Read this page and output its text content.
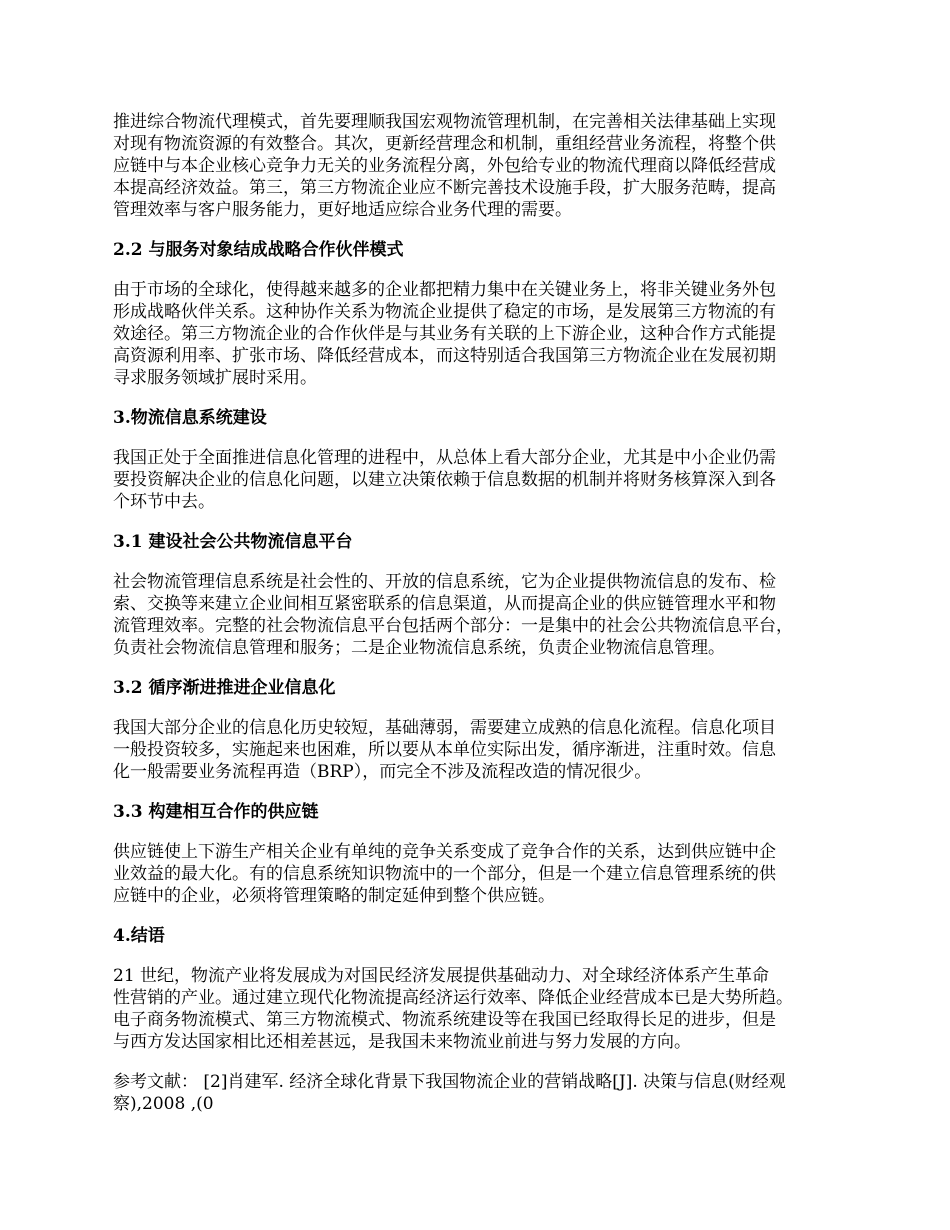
推进综合物流代理模式，首先要理顺我国宏观物流管理机制，在完善相关法律基础上实现
对现有物流资源的有效整合。其次，更新经营理念和机制，重组经营业务流程，将整个供
应链中与本企业核心竞争力无关的业务流程分离，外包给专业的物流代理商以降低经营成
本提高经济效益。第三，第三方物流企业应不断完善技术设施手段，扩大服务范畴，提高
管理效率与客户服务能力，更好地适应综合业务代理的需要。

2.2 与服务对象结成战略合作伙伴模式

由于市场的全球化，使得越来越多的企业都把精力集中在关键业务上，将非关键业务外包
形成战略伙伴关系。这种协作关系为物流企业提供了稳定的市场，是发展第三方物流的有
效途径。第三方物流企业的合作伙伴是与其业务有关联的上下游企业，这种合作方式能提
高资源利用率、扩张市场、降低经营成本，而这特别适合我国第三方物流企业在发展初期
寻求服务领域扩展时采用。

3.物流信息系统建设

我国正处于全面推进信息化管理的进程中，从总体上看大部分企业，尤其是中小企业仍需
要投资解决企业的信息化问题，以建立决策依赖于信息数据的机制并将财务核算深入到各
个环节中去。

3.1 建设社会公共物流信息平台

社会物流管理信息系统是社会性的、开放的信息系统，它为企业提供物流信息的发布、检
索、交换等来建立企业间相互紧密联系的信息渠道，从而提高企业的供应链管理水平和物
流管理效率。完整的社会物流信息平台包括两个部分：一是集中的社会公共物流信息平台，
负责社会物流信息管理和服务；二是企业物流信息系统，负责企业物流信息管理。

3.2 循序渐进推进企业信息化

我国大部分企业的信息化历史较短，基础薄弱，需要建立成熟的信息化流程。信息化项目
一般投资较多，实施起来也困难，所以要从本单位实际出发，循序渐进，注重时效。信息
化一般需要业务流程再造（BRP），而完全不涉及流程改造的情况很少。

3.3 构建相互合作的供应链

供应链使上下游生产相关企业有单纯的竞争关系变成了竞争合作的关系，达到供应链中企
业效益的最大化。有的信息系统知识物流中的一个部分，但是一个建立信息管理系统的供
应链中的企业，必须将管理策略的制定延伸到整个供应链。

4.结语

21 世纪，物流产业将发展成为对国民经济发展提供基础动力、对全球经济体系产生革命
性营销的产业。通过建立现代化物流提高经济运行效率、降低企业经营成本已是大势所趋。
电子商务物流模式、第三方物流模式、物流系统建设等在我国已经取得长足的进步，但是
与西方发达国家相比还相差甚远，是我国未来物流业前进与努力发展的方向。

参考文献： [2]肖建军. 经济全球化背景下我国物流企业的营销战略[J]. 决策与信息(财经观
察),2008 ,(0
